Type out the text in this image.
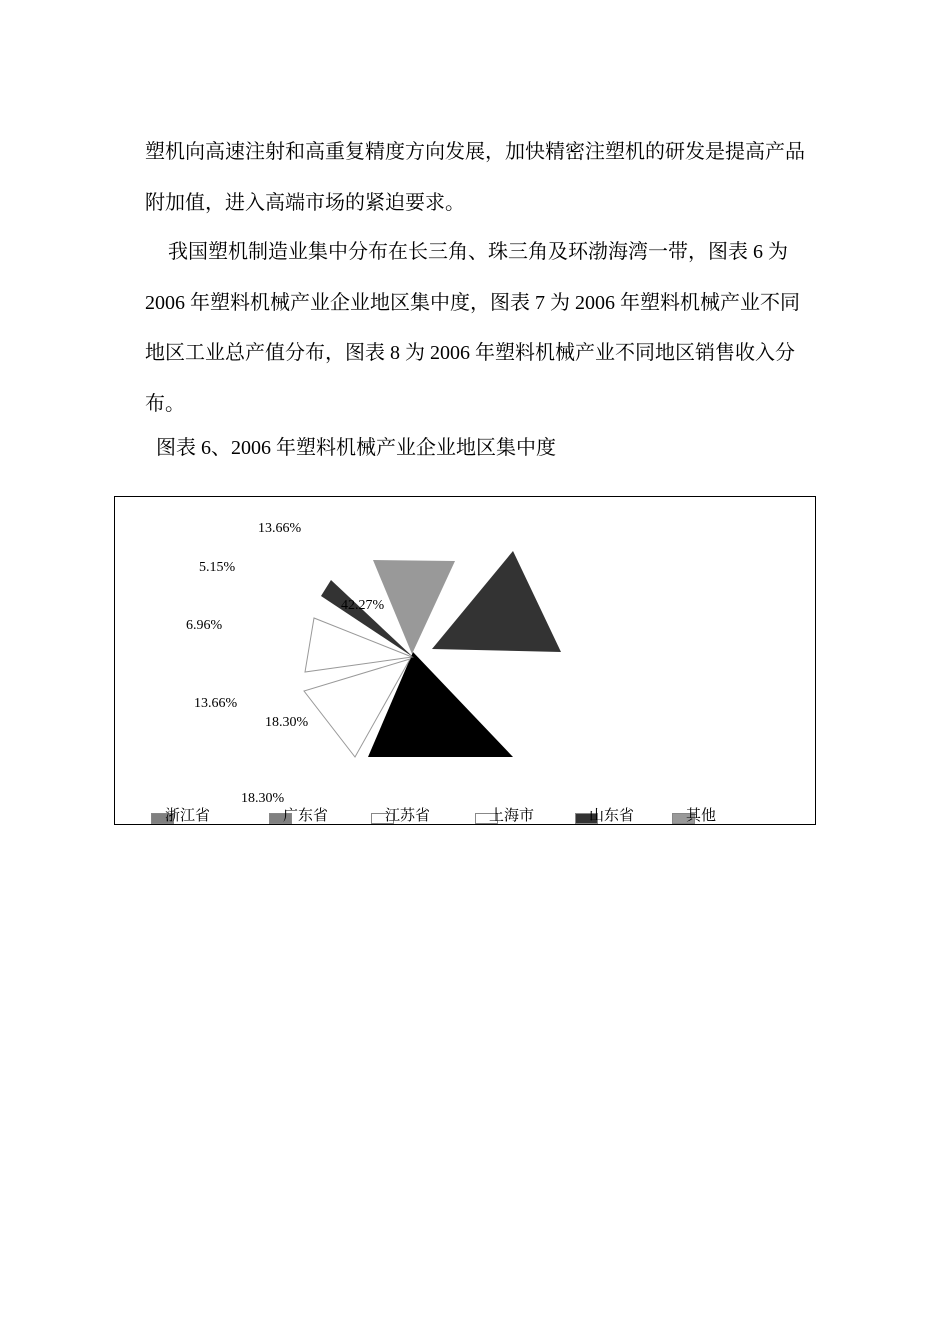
塑机向高速注射和高重复精度方向发展，加快精密注塑机的研发是提高产品附加值，进入高端市场的紧迫要求。

我国塑机制造业集中分布在长三角、珠三角及环渤海湾一带，图表 6 为 2006 年塑料机械产业企业地区集中度，图表 7 为 2006 年塑料机械产业不同地区工业总产值分布，图表 8 为 2006 年塑料机械产业不同地区销售收入分布。

图表 6、2006 年塑料机械产业企业地区集中度

42.27%
18.30%
18.30%
13.66%
6.96%
5.15%
13.66%
浙江省	广东省	江苏省	上海市	山东省	其他
